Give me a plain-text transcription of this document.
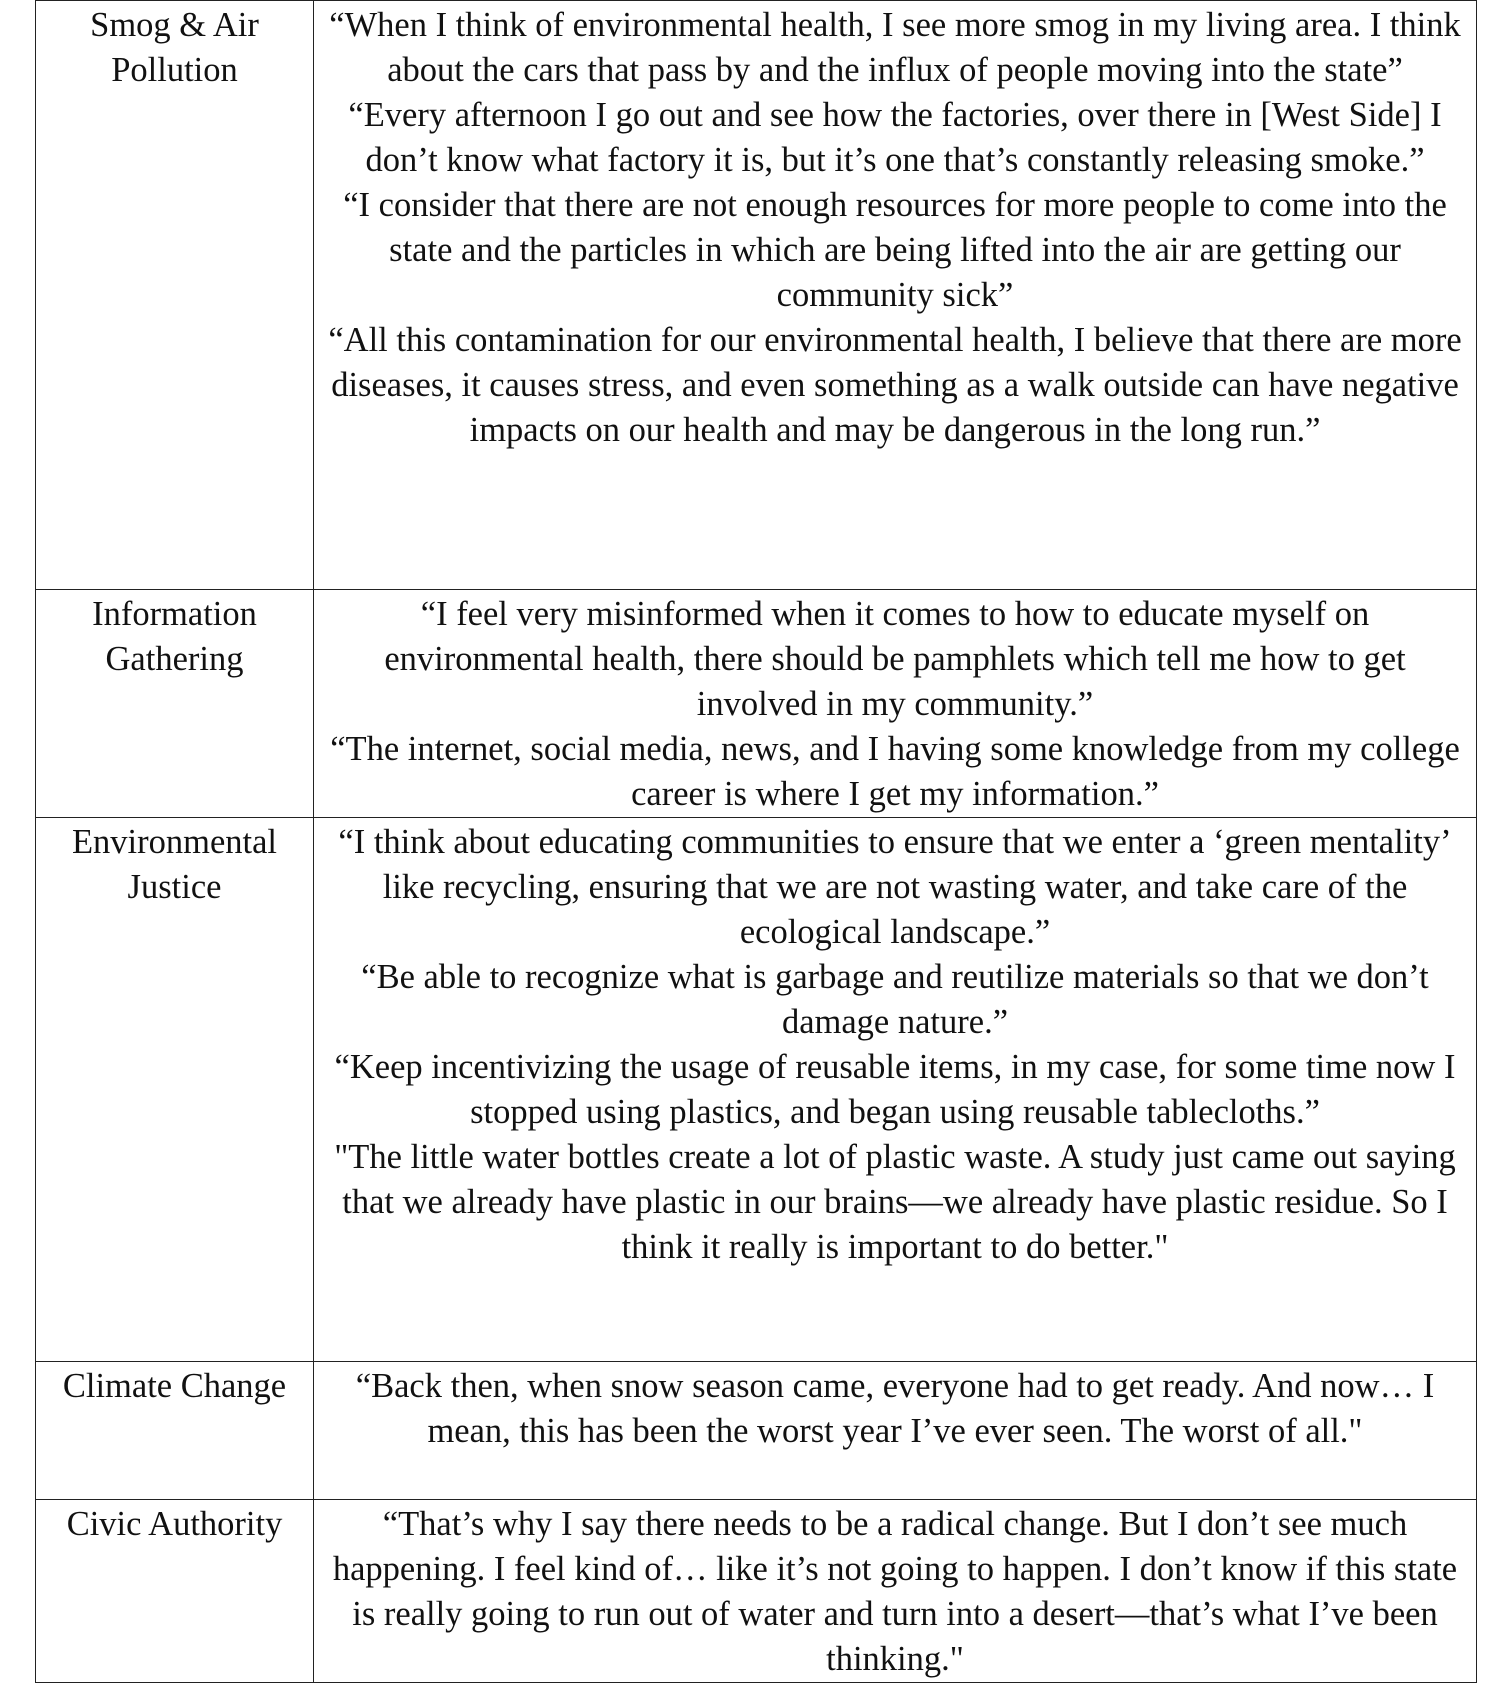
Smog & Air Pollution	“When I think of environmental health, I see more smog in my living area. I think about the cars that pass by and the influx of people moving into the state”
“Every afternoon I go out and see how the factories, over there in [West Side] I don’t know what factory it is, but it’s one that’s constantly releasing smoke.”
“I consider that there are not enough resources for more people to come into the state and the particles in which are being lifted into the air are getting our community sick”
“All this contamination for our environmental health, I believe that there are more diseases, it causes stress, and even something as a walk outside can have negative impacts on our health and may be dangerous in the long run.”

Information Gathering	“I feel very misinformed when it comes to how to educate myself on environmental health, there should be pamphlets which tell me how to get involved in my community.”
“The internet, social media, news, and I having some knowledge from my college career is where I get my information.”

Environmental Justice	“I think about educating communities to ensure that we enter a ‘green mentality’ like recycling, ensuring that we are not wasting water, and take care of the ecological landscape.”
“Be able to recognize what is garbage and reutilize materials so that we don’t damage nature.”
“Keep incentivizing the usage of reusable items, in my case, for some time now I stopped using plastics, and began using reusable tablecloths.”
"The little water bottles create a lot of plastic waste. A study just came out saying that we already have plastic in our brains—we already have plastic residue. So I think it really is important to do better."

Climate Change	“Back then, when snow season came, everyone had to get ready. And now… I mean, this has been the worst year I’ve ever seen. The worst of all."

Civic Authority	“That’s why I say there needs to be a radical change. But I don’t see much happening. I feel kind of… like it’s not going to happen. I don’t know if this state is really going to run out of water and turn into a desert—that’s what I’ve been thinking."
